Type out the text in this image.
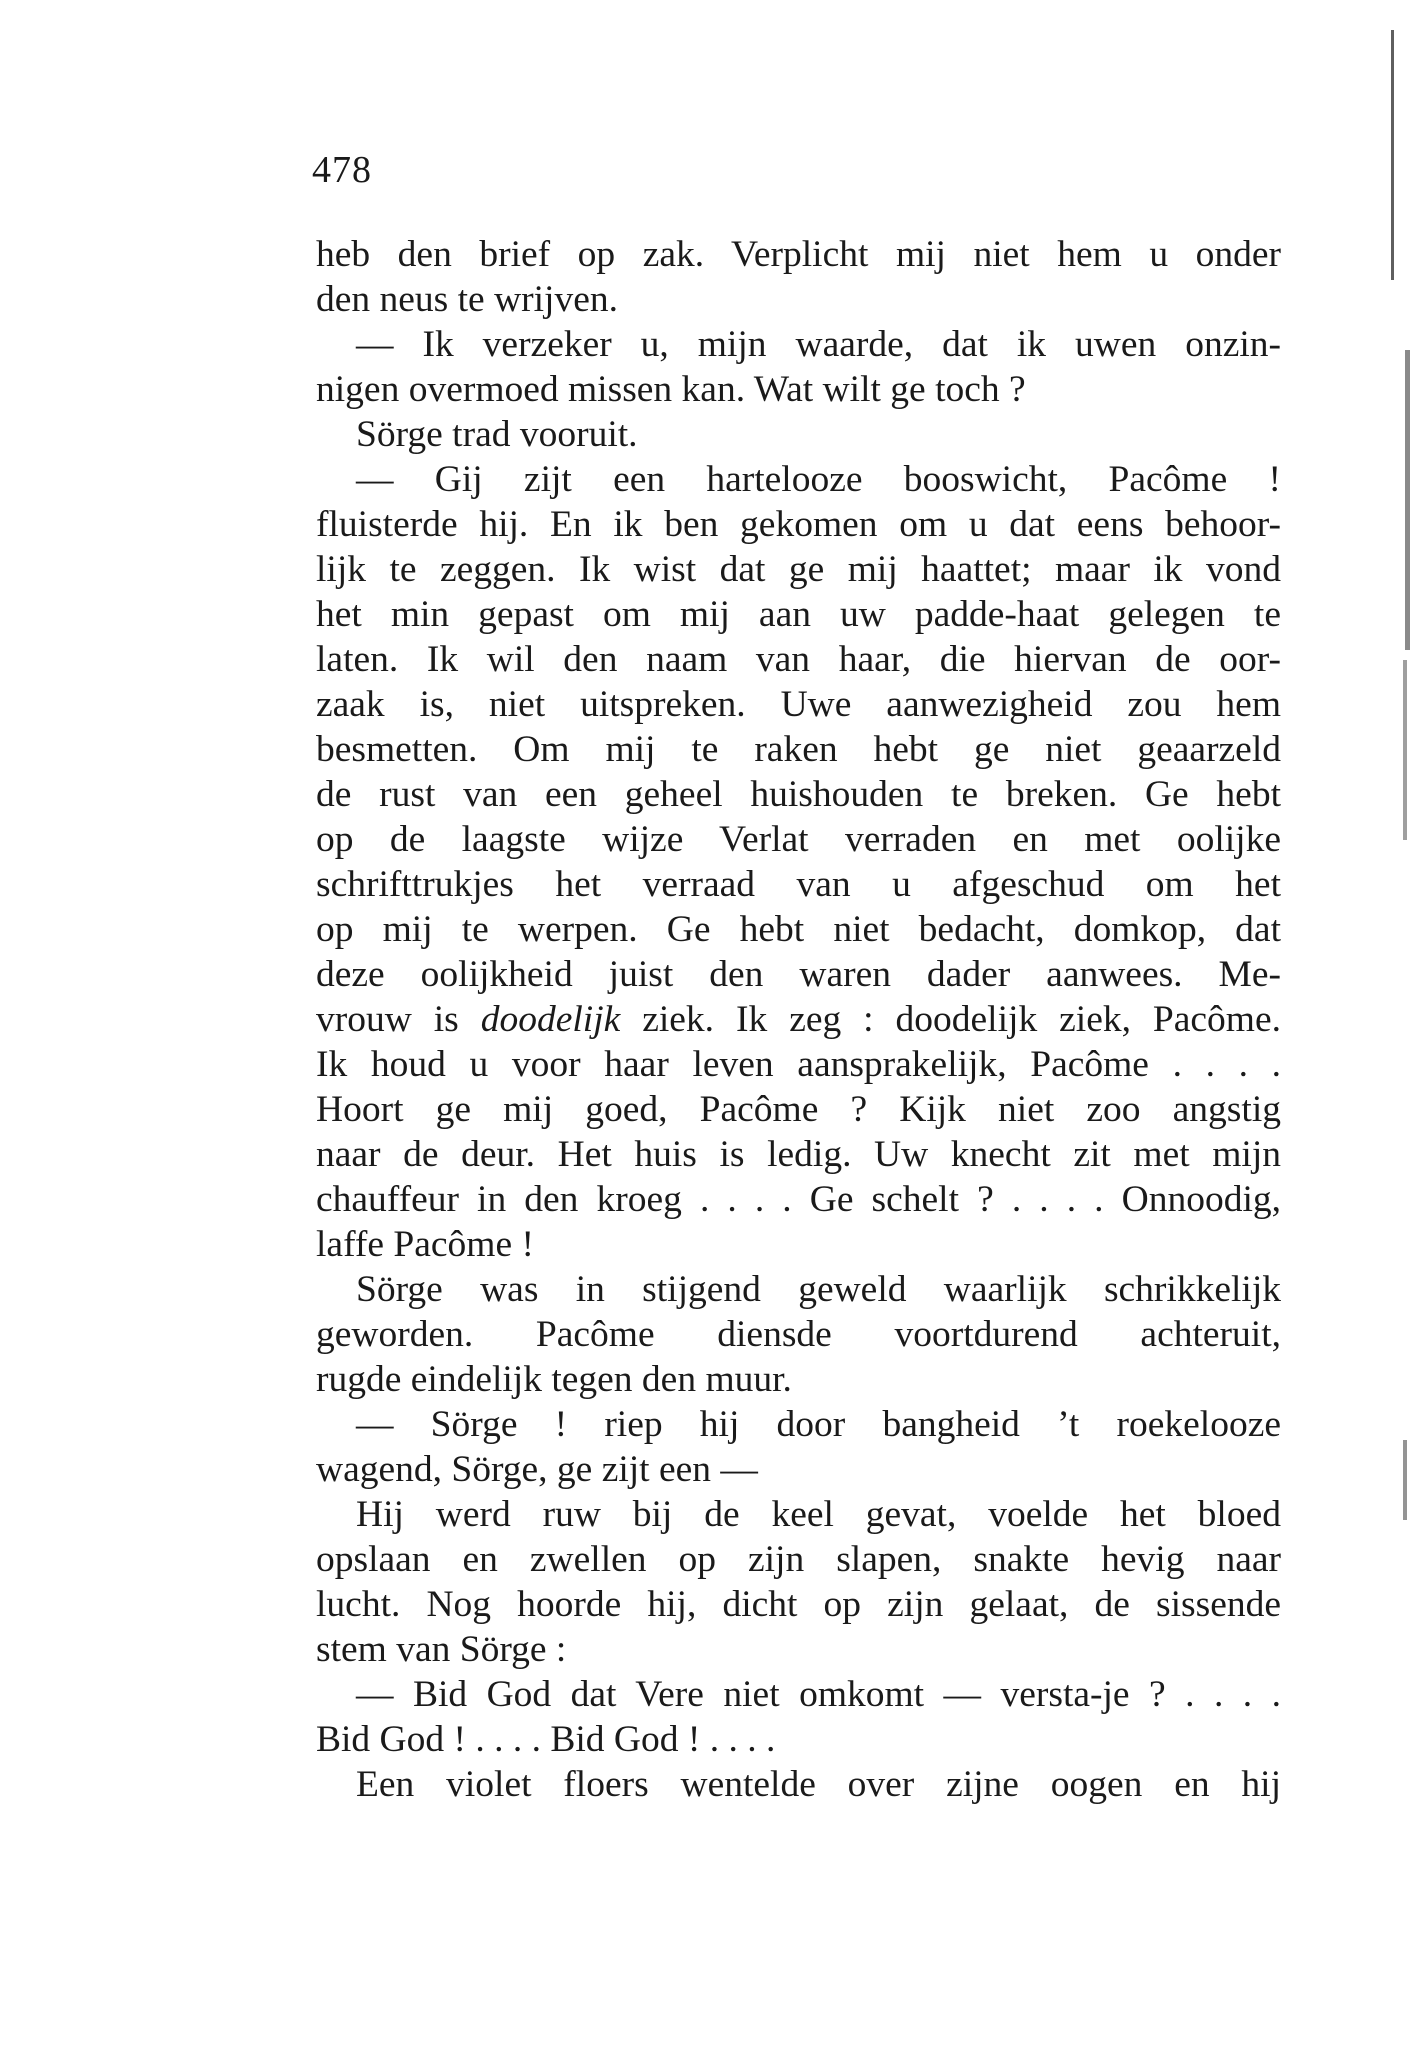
478
heb den brief op zak. Verplicht mij niet hem u onder
den neus te wrijven.
— Ik verzeker u, mijn waarde, dat ik uwen onzin-
nigen overmoed missen kan. Wat wilt ge toch ?
Sörge trad vooruit.
— Gij zijt een hartelooze booswicht, Pacôme !
fluisterde hij. En ik ben gekomen om u dat eens behoor-
lijk te zeggen. Ik wist dat ge mij haattet; maar ik vond
het min gepast om mij aan uw padde-haat gelegen te
laten. Ik wil den naam van haar, die hiervan de oor-
zaak is, niet uitspreken. Uwe aanwezigheid zou hem
besmetten. Om mij te raken hebt ge niet geaarzeld
de rust van een geheel huishouden te breken. Ge hebt
op de laagste wijze Verlat verraden en met oolijke
schrifttrukjes het verraad van u afgeschud om het
op mij te werpen. Ge hebt niet bedacht, domkop, dat
deze oolijkheid juist den waren dader aanwees. Me-
vrouw is doodelijk ziek. Ik zeg : doodelijk ziek, Pacôme.
Ik houd u voor haar leven aansprakelijk, Pacôme . . . .
Hoort ge mij goed, Pacôme ? Kijk niet zoo angstig
naar de deur. Het huis is ledig. Uw knecht zit met mijn
chauffeur in den kroeg . . . . Ge schelt ? . . . . Onnoodig,
laffe Pacôme !
Sörge was in stijgend geweld waarlijk schrikkelijk
geworden. Pacôme diensde voortdurend achteruit,
rugde eindelijk tegen den muur.
— Sörge ! riep hij door bangheid ’t roekelooze
wagend, Sörge, ge zijt een —
Hij werd ruw bij de keel gevat, voelde het bloed
opslaan en zwellen op zijn slapen, snakte hevig naar
lucht. Nog hoorde hij, dicht op zijn gelaat, de sissende
stem van Sörge :
— Bid God dat Vere niet omkomt — versta-je ? . . . .
Bid God ! . . . . Bid God ! . . . .
Een violet floers wentelde over zijne oogen en hij
